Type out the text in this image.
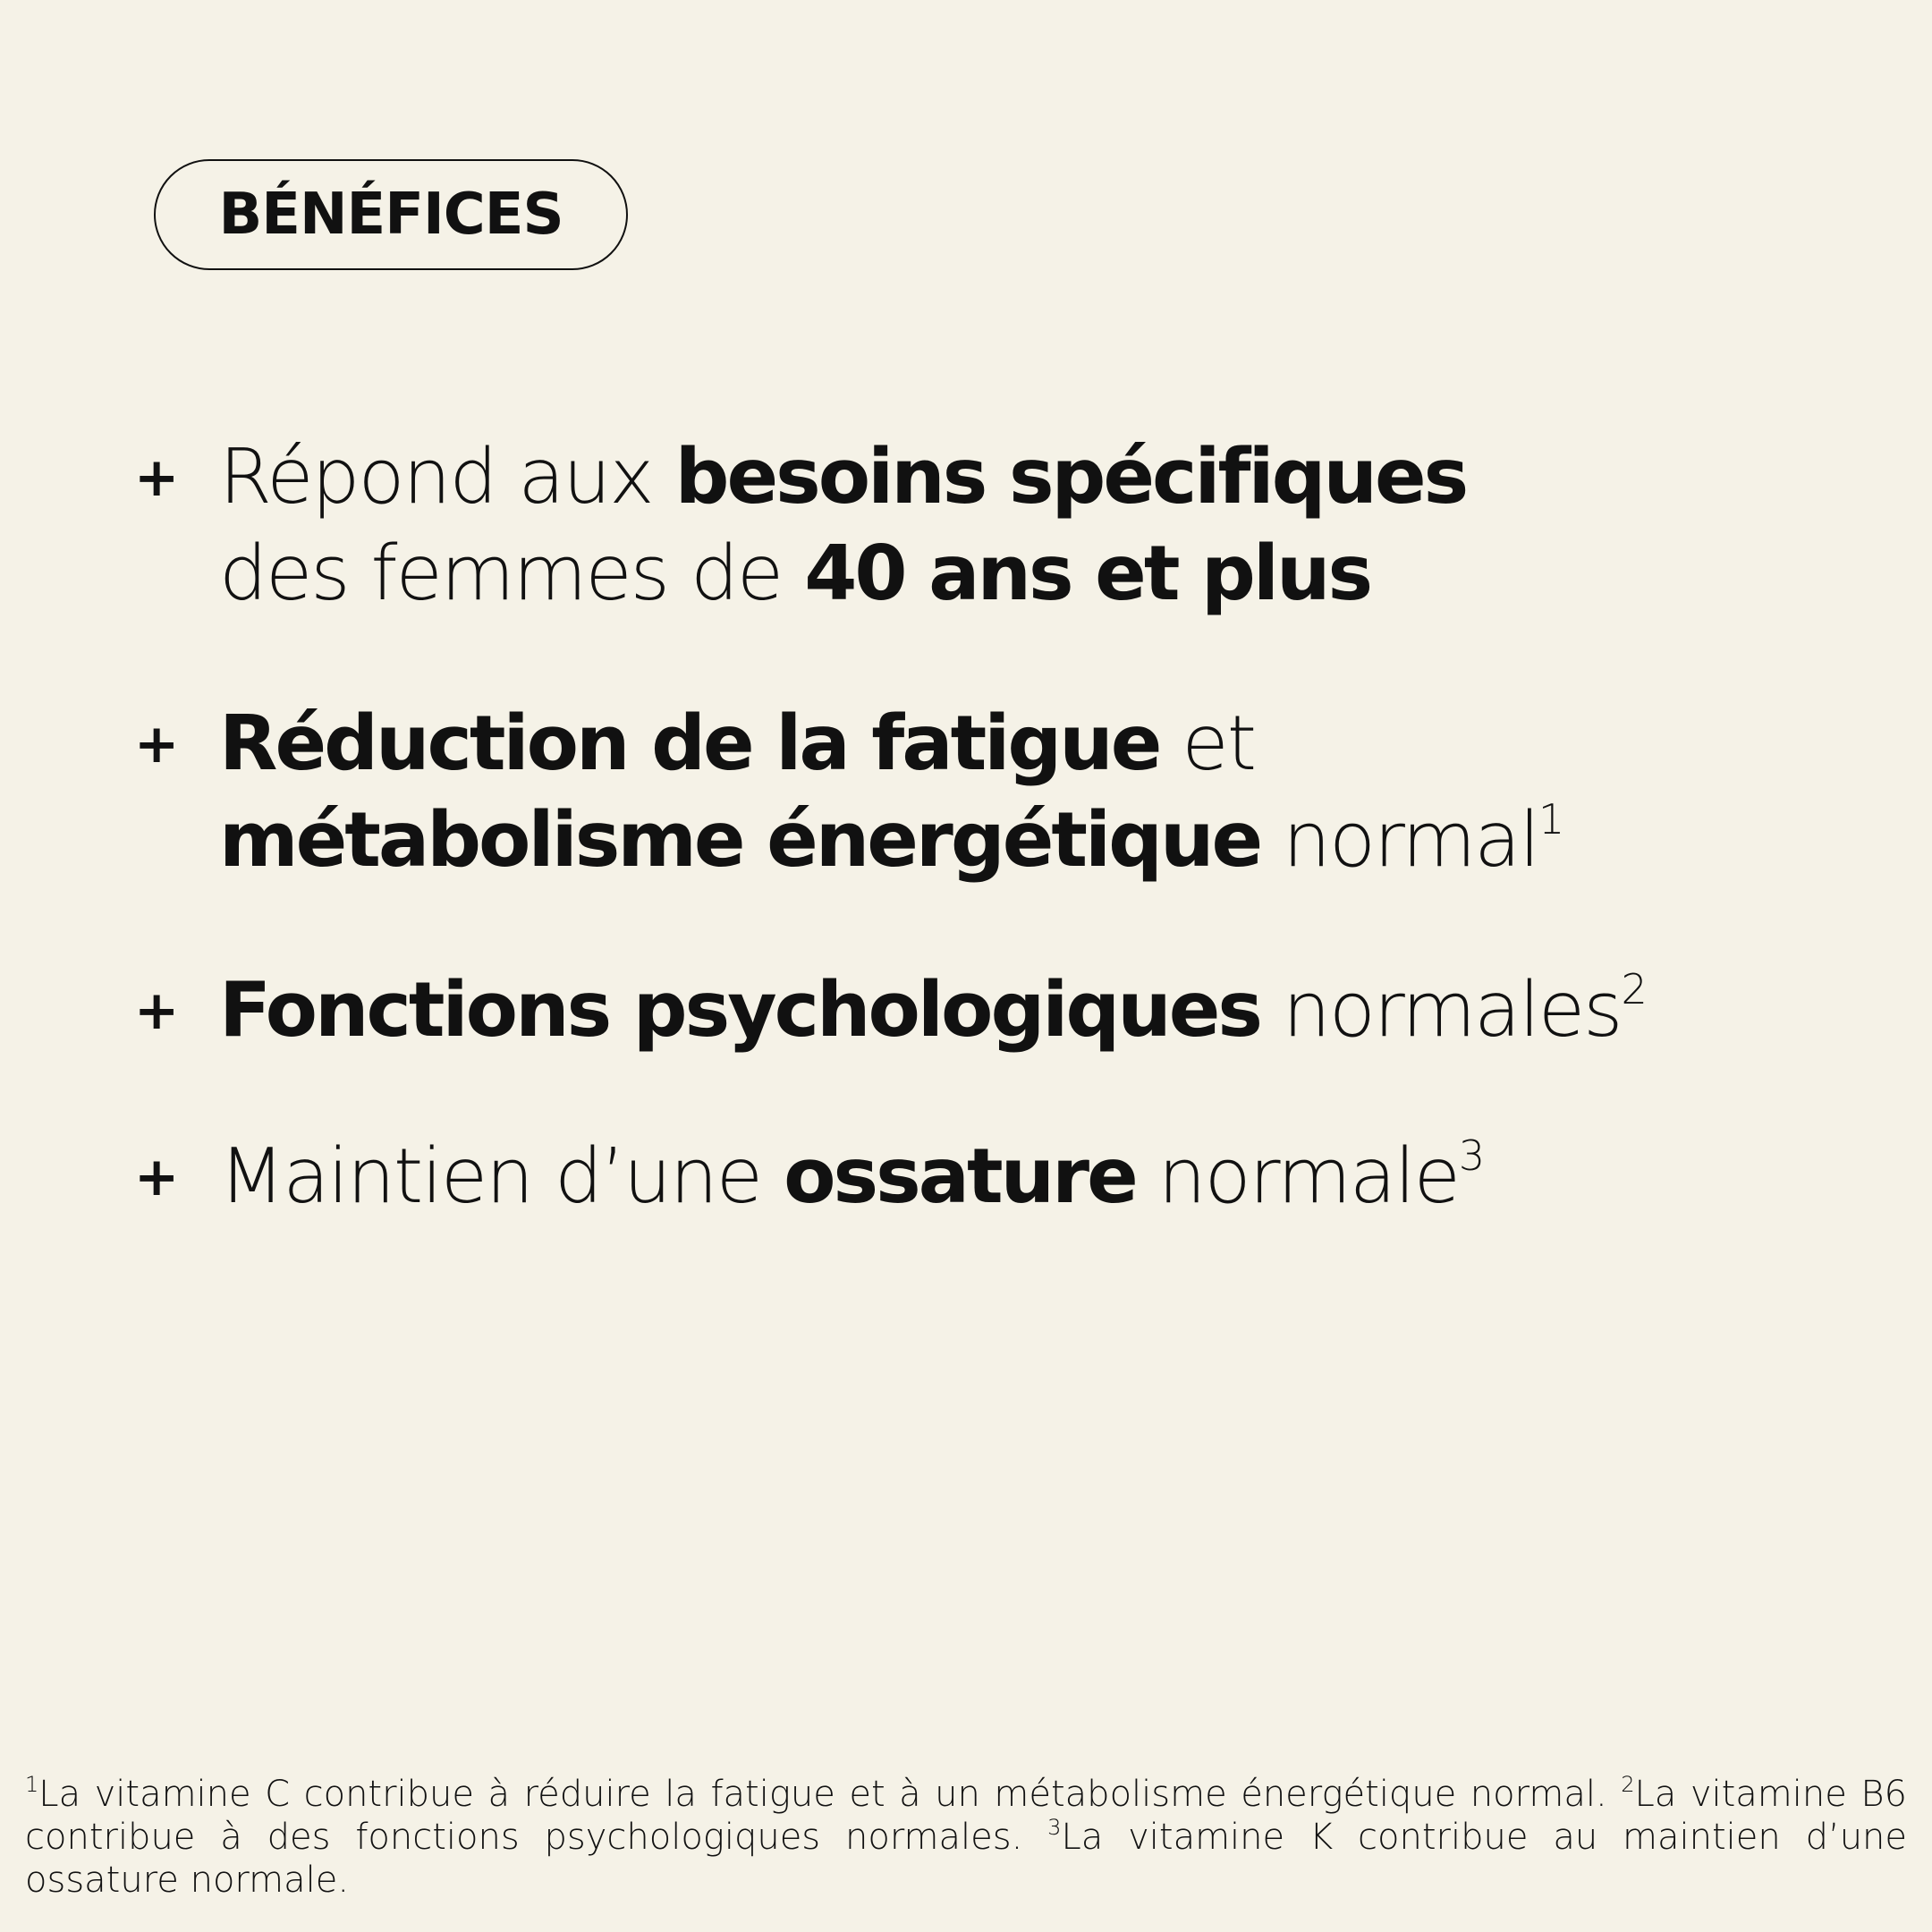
BÉNÉFICES
+ Répond aux besoins spécifiques
des femmes de 40 ans et plus
+ Réduction de la fatigue et
métabolisme énergétique normal$^1$
+ Fonctions psychologiques normales$^2$
+ Maintien d’une ossature normale$^3$

$^1$La vitamine C contribue à réduire la fatigue et à un métabolisme énergétique normal. $^2$La vitamine B6 contribue à des fonctions psychologiques normales. $^3$La vitamine K contribue au maintien d’une ossature normale.
